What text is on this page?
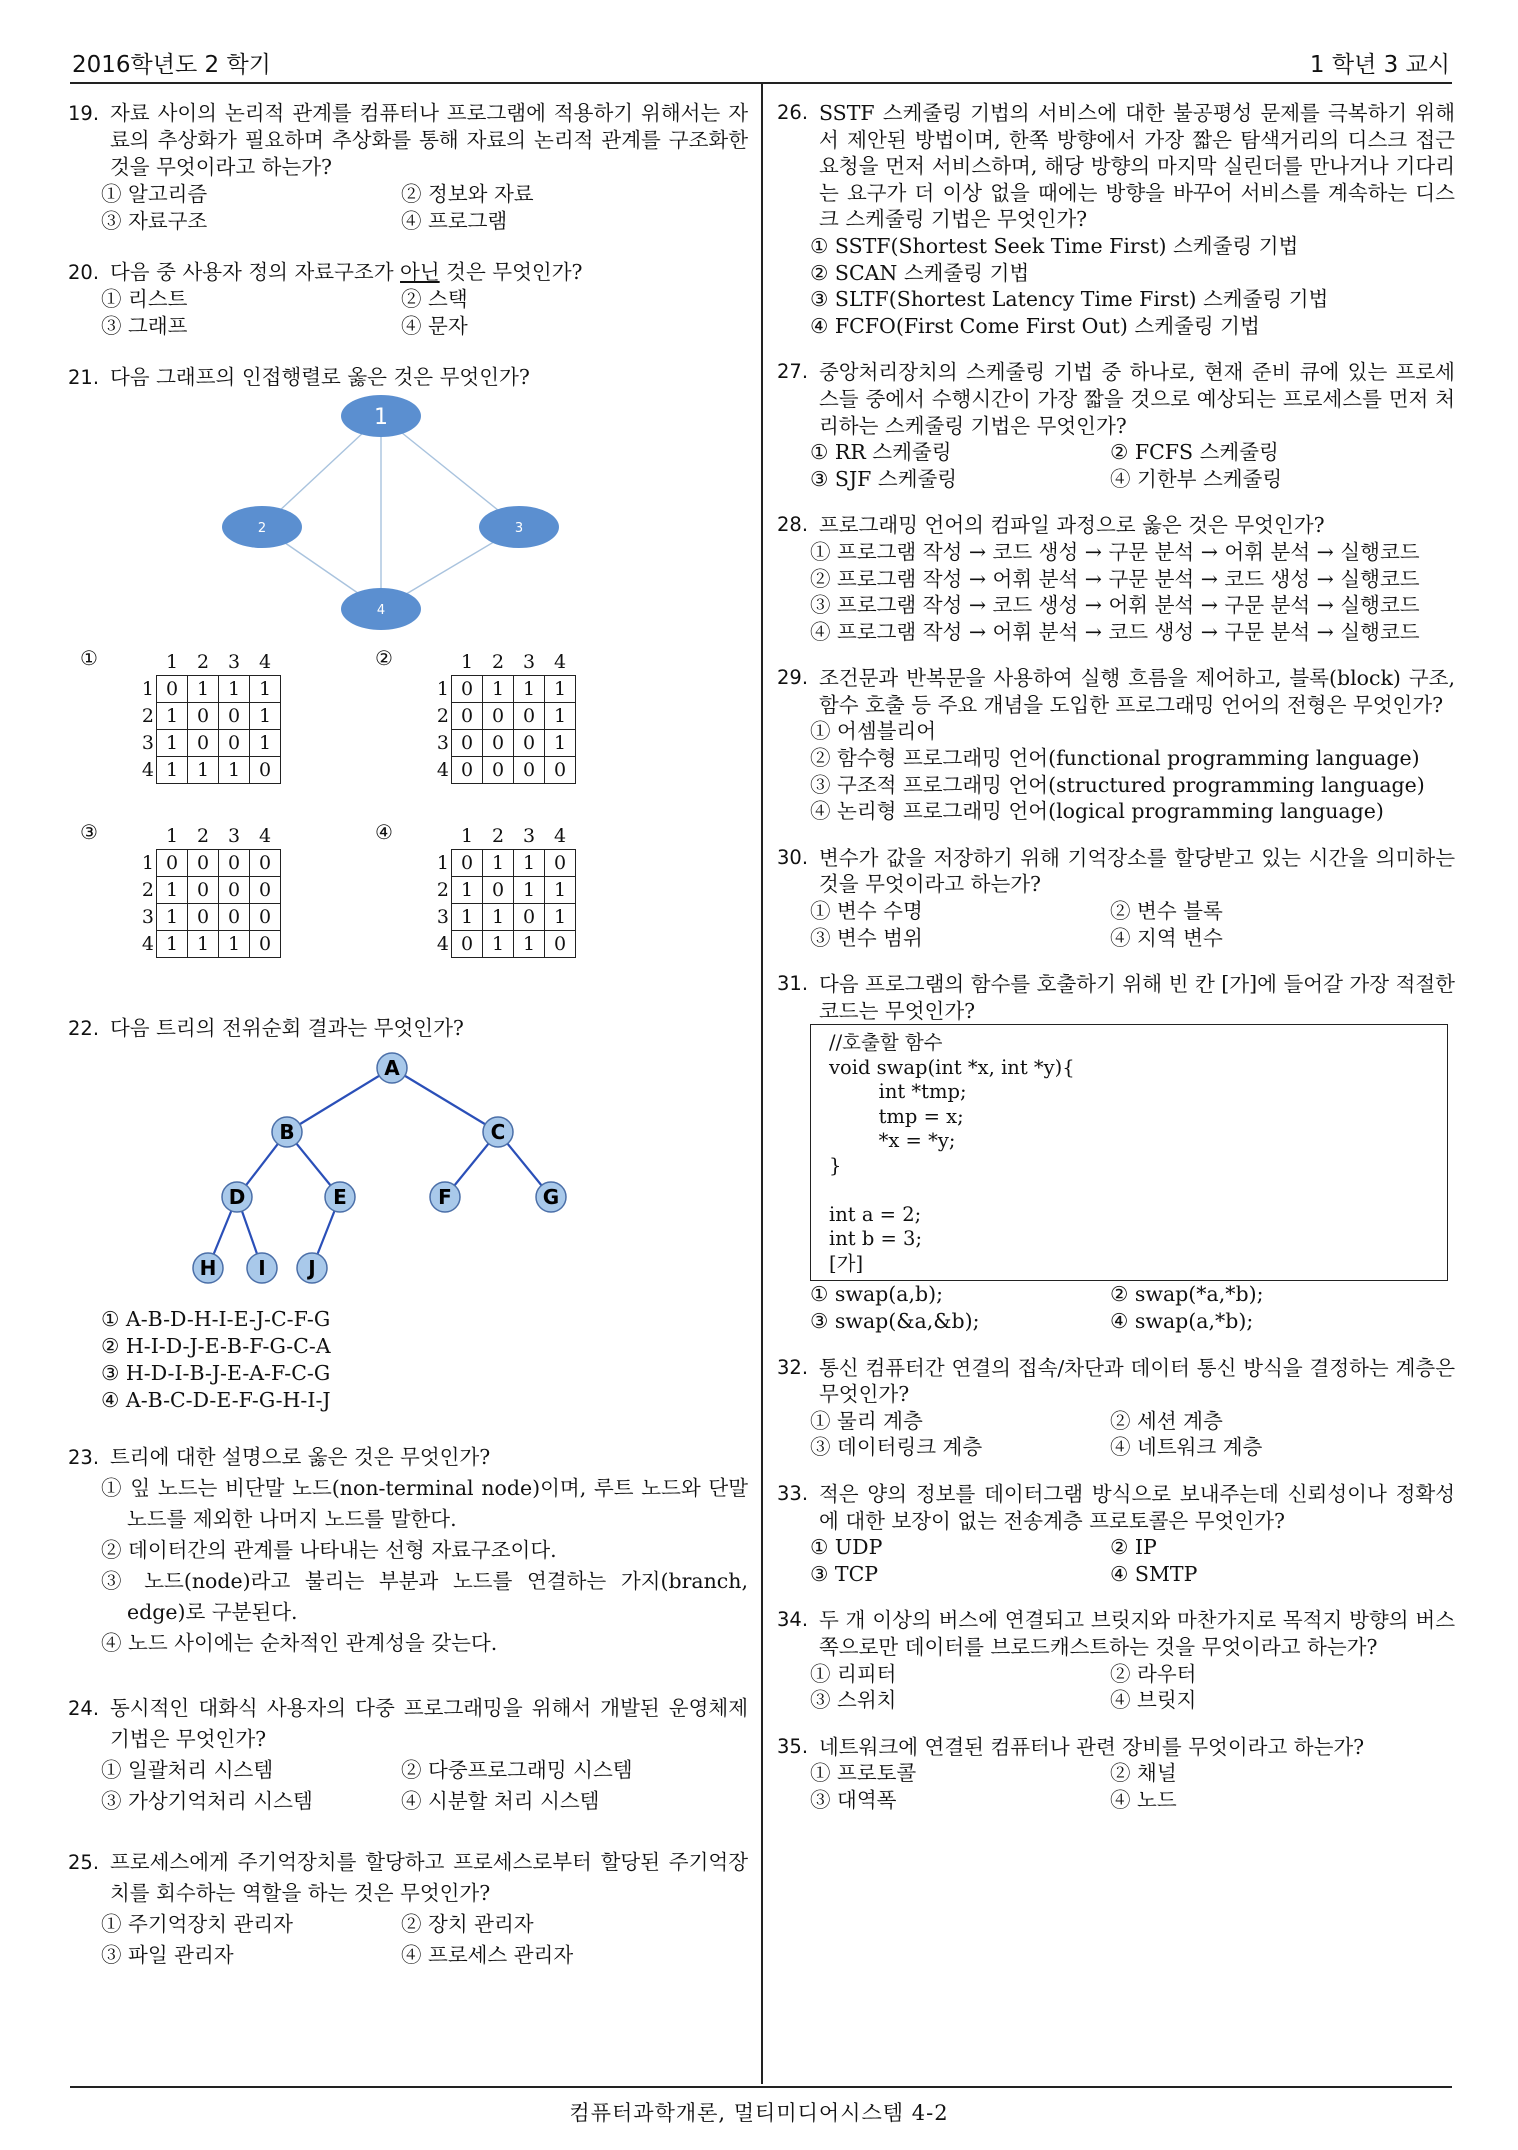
2016학년도 2 학기	1 학년 3 교시
19. 자료 사이의 논리적 관계를 컴퓨터나 프로그램에 적용하기 위해서는 자료의 추상화가 필요하며 추상화를 통해 자료의 논리적 관계를 구조화한 것을 무엇이라고 하는가?
① 알고리즘	② 정보와 자료
③ 자료구조	④ 프로그램
20. 다음 중 사용자 정의 자료구조가 아닌 것은 무엇인가?
① 리스트	② 스택
③ 그래프	④ 문자
21. 다음 그래프의 인접행렬로 옳은 것은 무엇인가?
1
2	3
4
①
		1	2	3	4
1	0	1	1	1
2	1	0	0	1
3	1	0	0	1
4	1	1	1	0
②
		1	2	3	4
1	0	1	1	1
2	0	0	0	1
3	0	0	0	1
4	0	0	0	0
③
		1	2	3	4
1	0	0	0	0
2	1	0	0	0
3	1	0	0	0
4	1	1	1	0
④
		1	2	3	4
1	0	1	1	0
2	1	0	1	1
3	1	1	0	1
4	0	1	1	0
22. 다음 트리의 전위순회 결과는 무엇인가?
A
B	C
D	E	F	G
H I J
① A-B-D-H-I-E-J-C-F-G
② H-I-D-J-E-B-F-G-C-A
③ H-D-I-B-J-E-A-F-C-G
④ A-B-C-D-E-F-G-H-I-J
23. 트리에 대한 설명으로 옳은 것은 무엇인가?
① 잎 노드는 비단말 노드(non-terminal node)이며, 루트 노드와 단말 노드를 제외한 나머지 노드를 말한다.
② 데이터간의 관계를 나타내는 선형 자료구조이다.
③ 노드(node)라고 불리는 부분과 노드를 연결하는 가지(branch, edge)로 구분된다.
④ 노드 사이에는 순차적인 관계성을 갖는다.
24. 동시적인 대화식 사용자의 다중 프로그래밍을 위해서 개발된 운영체제 기법은 무엇인가?
① 일괄처리 시스템	② 다중프로그래밍 시스템
③ 가상기억처리 시스템	④ 시분할 처리 시스템
25. 프로세스에게 주기억장치를 할당하고 프로세스로부터 할당된 주기억장치를 회수하는 역할을 하는 것은 무엇인가?
① 주기억장치 관리자	② 장치 관리자
③ 파일 관리자	④ 프로세스 관리자
26. SSTF 스케줄링 기법의 서비스에 대한 불공평성 문제를 극복하기 위해서 제안된 방법이며, 한쪽 방향에서 가장 짧은 탐색거리의 디스크 접근 요청을 먼저 서비스하며, 해당 방향의 마지막 실린더를 만나거나 기다리는 요구가 더 이상 없을 때에는 방향을 바꾸어 서비스를 계속하는 디스크 스케줄링 기법은 무엇인가?
① SSTF(Shortest Seek Time First) 스케줄링 기법
② SCAN 스케줄링 기법
③ SLTF(Shortest Latency Time First) 스케줄링 기법
④ FCFO(First Come First Out) 스케줄링 기법
27. 중앙처리장치의 스케줄링 기법 중 하나로, 현재 준비 큐에 있는 프로세스들 중에서 수행시간이 가장 짧을 것으로 예상되는 프로세스를 먼저 처리하는 스케줄링 기법은 무엇인가?
① RR 스케줄링	② FCFS 스케줄링
③ SJF 스케줄링	④ 기한부 스케줄링
28. 프로그래밍 언어의 컴파일 과정으로 옳은 것은 무엇인가?
① 프로그램 작성 → 코드 생성 → 구문 분석 → 어휘 분석 → 실행코드
② 프로그램 작성 → 어휘 분석 → 구문 분석 → 코드 생성 → 실행코드
③ 프로그램 작성 → 코드 생성 → 어휘 분석 → 구문 분석 → 실행코드
④ 프로그램 작성 → 어휘 분석 → 코드 생성 → 구문 분석 → 실행코드
29. 조건문과 반복문을 사용하여 실행 흐름을 제어하고, 블록(block) 구조, 함수 호출 등 주요 개념을 도입한 프로그래밍 언어의 전형은 무엇인가?
① 어셈블리어
② 함수형 프로그래밍 언어(functional programming language)
③ 구조적 프로그래밍 언어(structured programming language)
④ 논리형 프로그래밍 언어(logical programming language)
30. 변수가 값을 저장하기 위해 기억장소를 할당받고 있는 시간을 의미하는 것을 무엇이라고 하는가?
① 변수 수명	② 변수 블록
③ 변수 범위	④ 지역 변수
31. 다음 프로그램의 함수를 호출하기 위해 빈 칸 [가]에 들어갈 가장 적절한 코드는 무엇인가?
//호출할 함수
void swap(int *x, int *y){
int *tmp;
tmp = x;
*x = *y;
}

int a = 2;
int b = 3;
[가]
① swap(a,b);	② swap(*a,*b);
③ swap(&a,&b);	④ swap(a,*b);
32. 통신 컴퓨터간 연결의 접속/차단과 데이터 통신 방식을 결정하는 계층은 무엇인가?
① 물리 계층	② 세션 계층
③ 데이터링크 계층	④ 네트워크 계층
33. 적은 양의 정보를 데이터그램 방식으로 보내주는데 신뢰성이나 정확성에 대한 보장이 없는 전송계층 프로토콜은 무엇인가?
① UDP	② IP
③ TCP	④ SMTP
34. 두 개 이상의 버스에 연결되고 브릿지와 마찬가지로 목적지 방향의 버스쪽으로만 데이터를 브로드캐스트하는 것을 무엇이라고 하는가?
① 리피터	② 라우터
③ 스위치	④ 브릿지
35. 네트워크에 연결된 컴퓨터나 관련 장비를 무엇이라고 하는가?
① 프로토콜	② 채널
③ 대역폭	④ 노드
컴퓨터과학개론, 멀티미디어시스템 4-2
